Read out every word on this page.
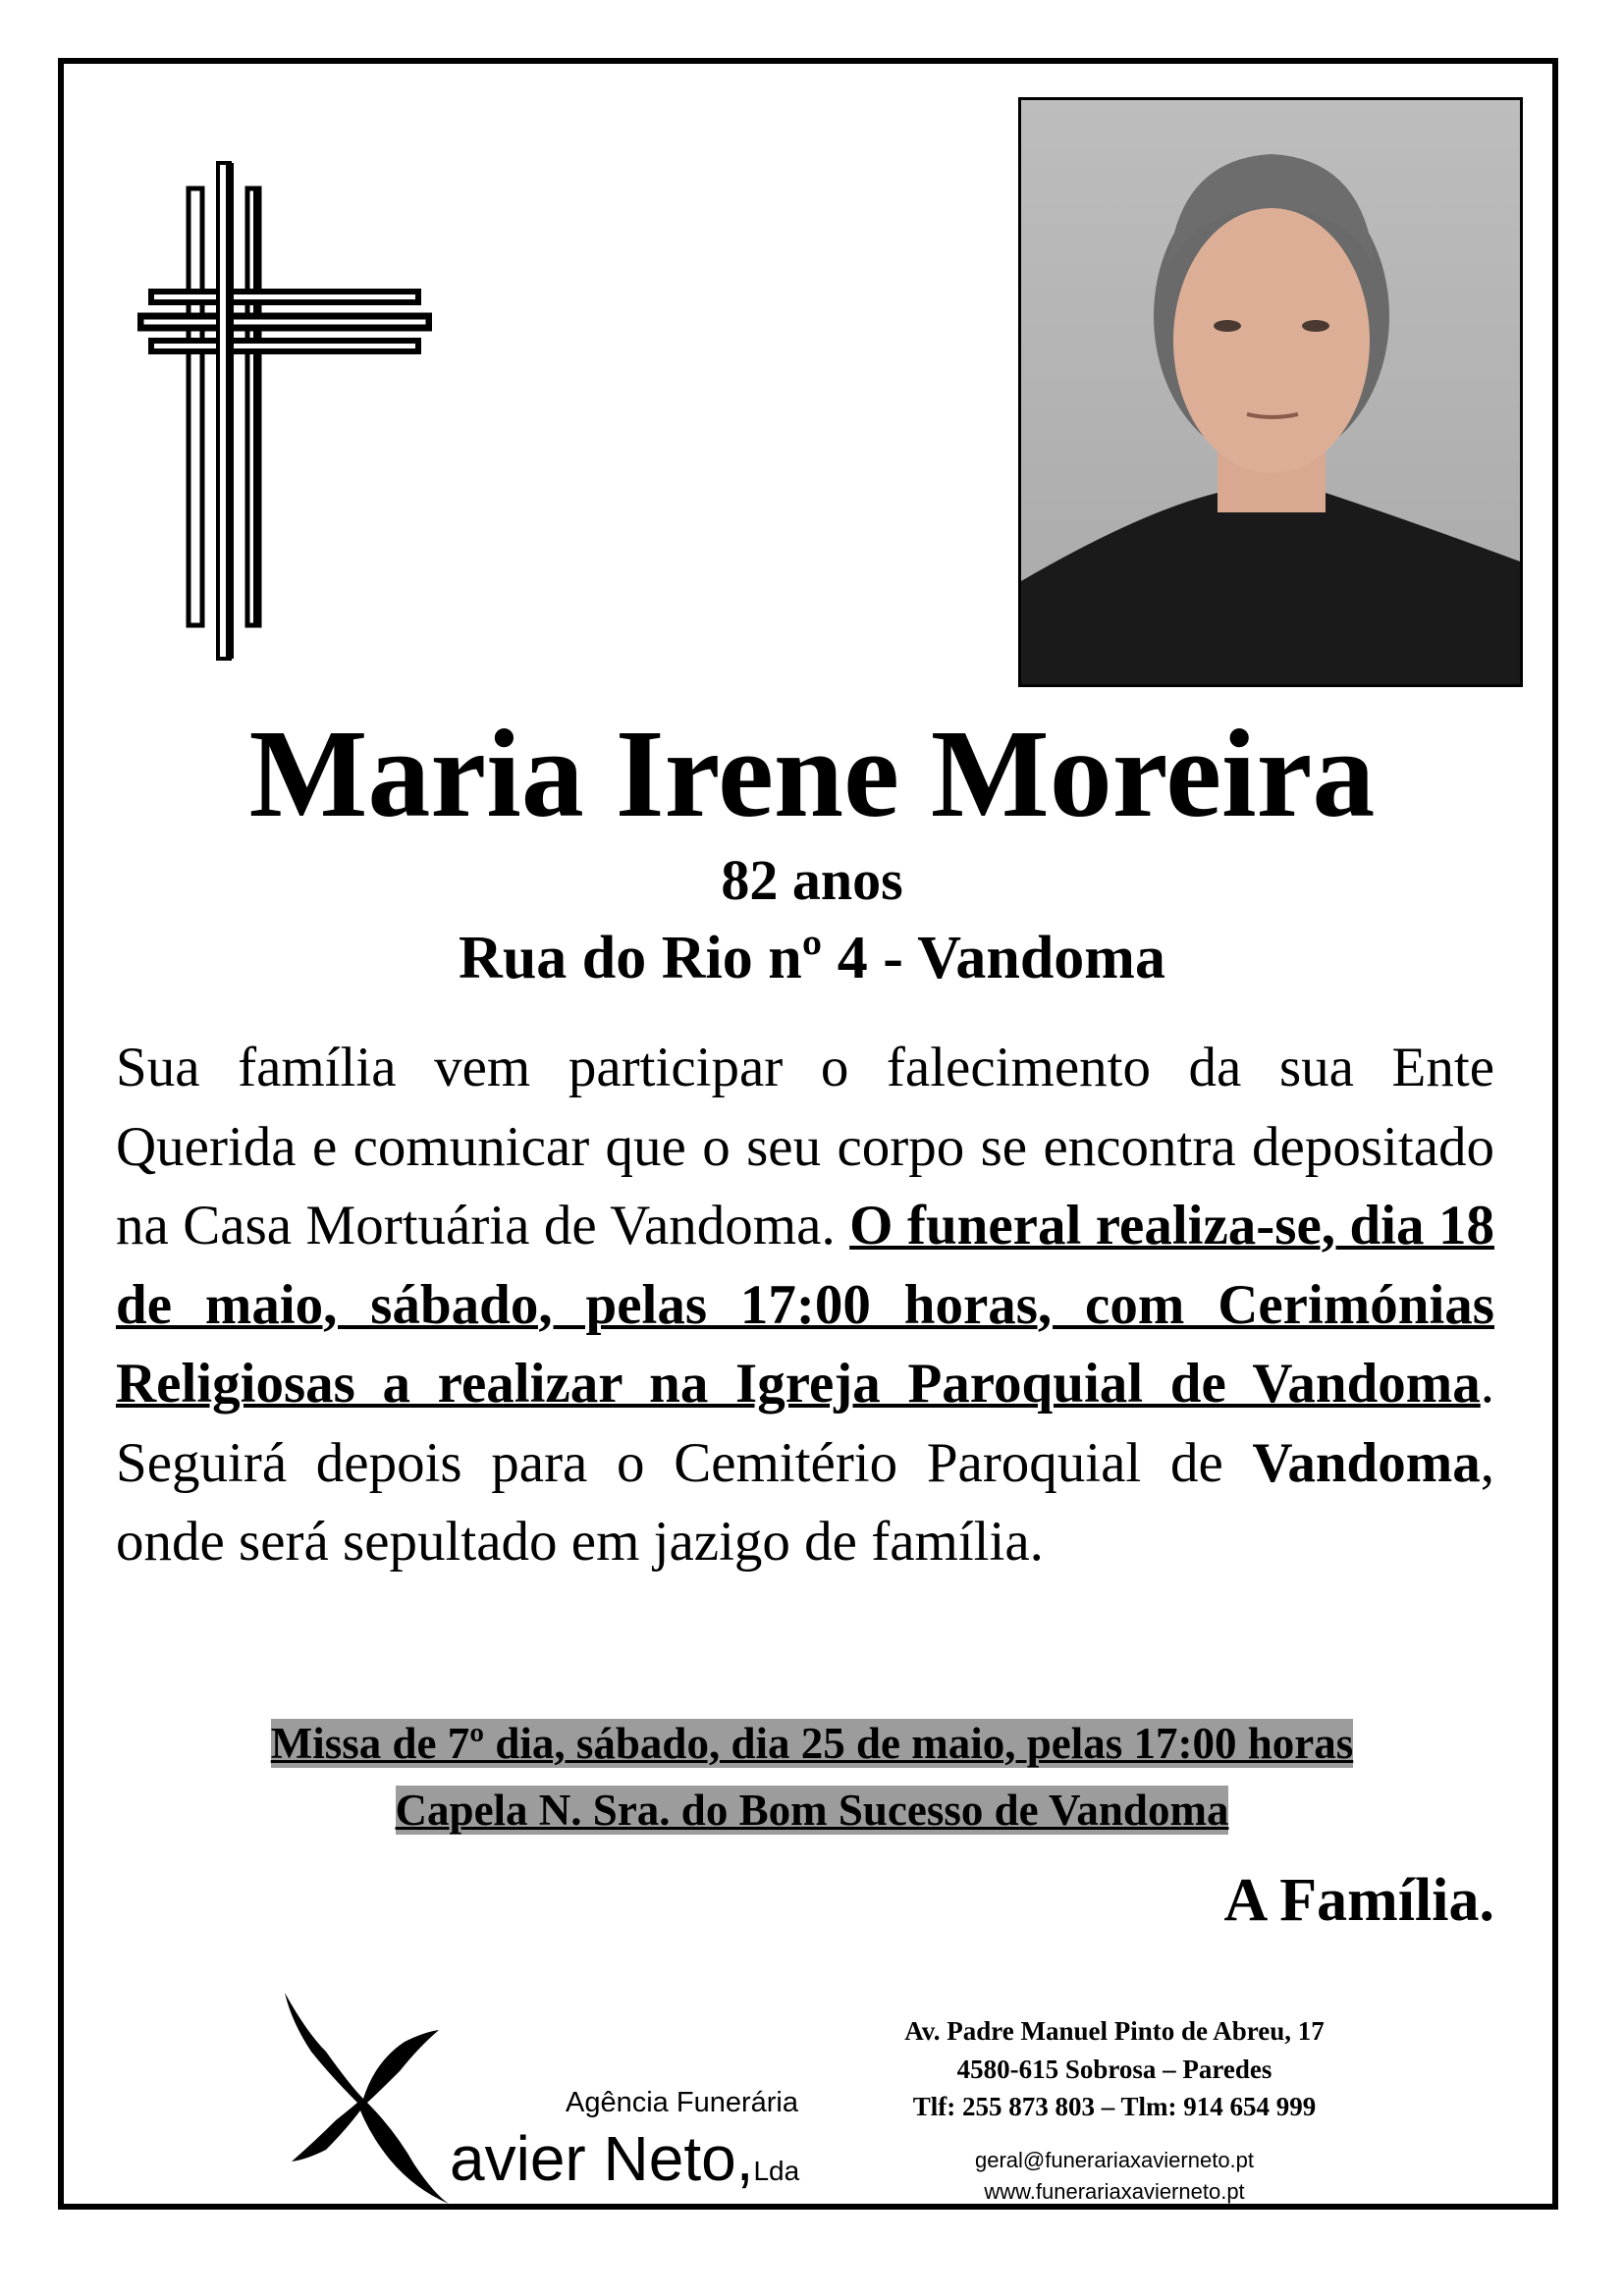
Maria Irene Moreira
82 anos
Rua do Rio nº 4 - Vandoma
Sua família vem participar o falecimento da sua Ente Querida e comunicar que o seu corpo se encontra depositado na Casa Mortuária de Vandoma. O funeral realiza-se, dia 18 de maio, sábado, pelas 17:00 horas, com Cerimónias Religiosas a realizar na Igreja Paroquial de Vandoma. Seguirá depois para o Cemitério Paroquial de Vandoma, onde será sepultado em jazigo de família.
Missa de 7º dia, sábado, dia 25 de maio, pelas 17:00 horas
Capela N. Sra. do Bom Sucesso de Vandoma
A Família.
Agência Funerária
avier Neto,Lda
Av. Padre Manuel Pinto de Abreu, 17
4580-615 Sobrosa – Paredes
Tlf: 255 873 803 – Tlm: 914 654 999
geral@funerariaxavierneto.pt
www.funerariaxavierneto.pt
